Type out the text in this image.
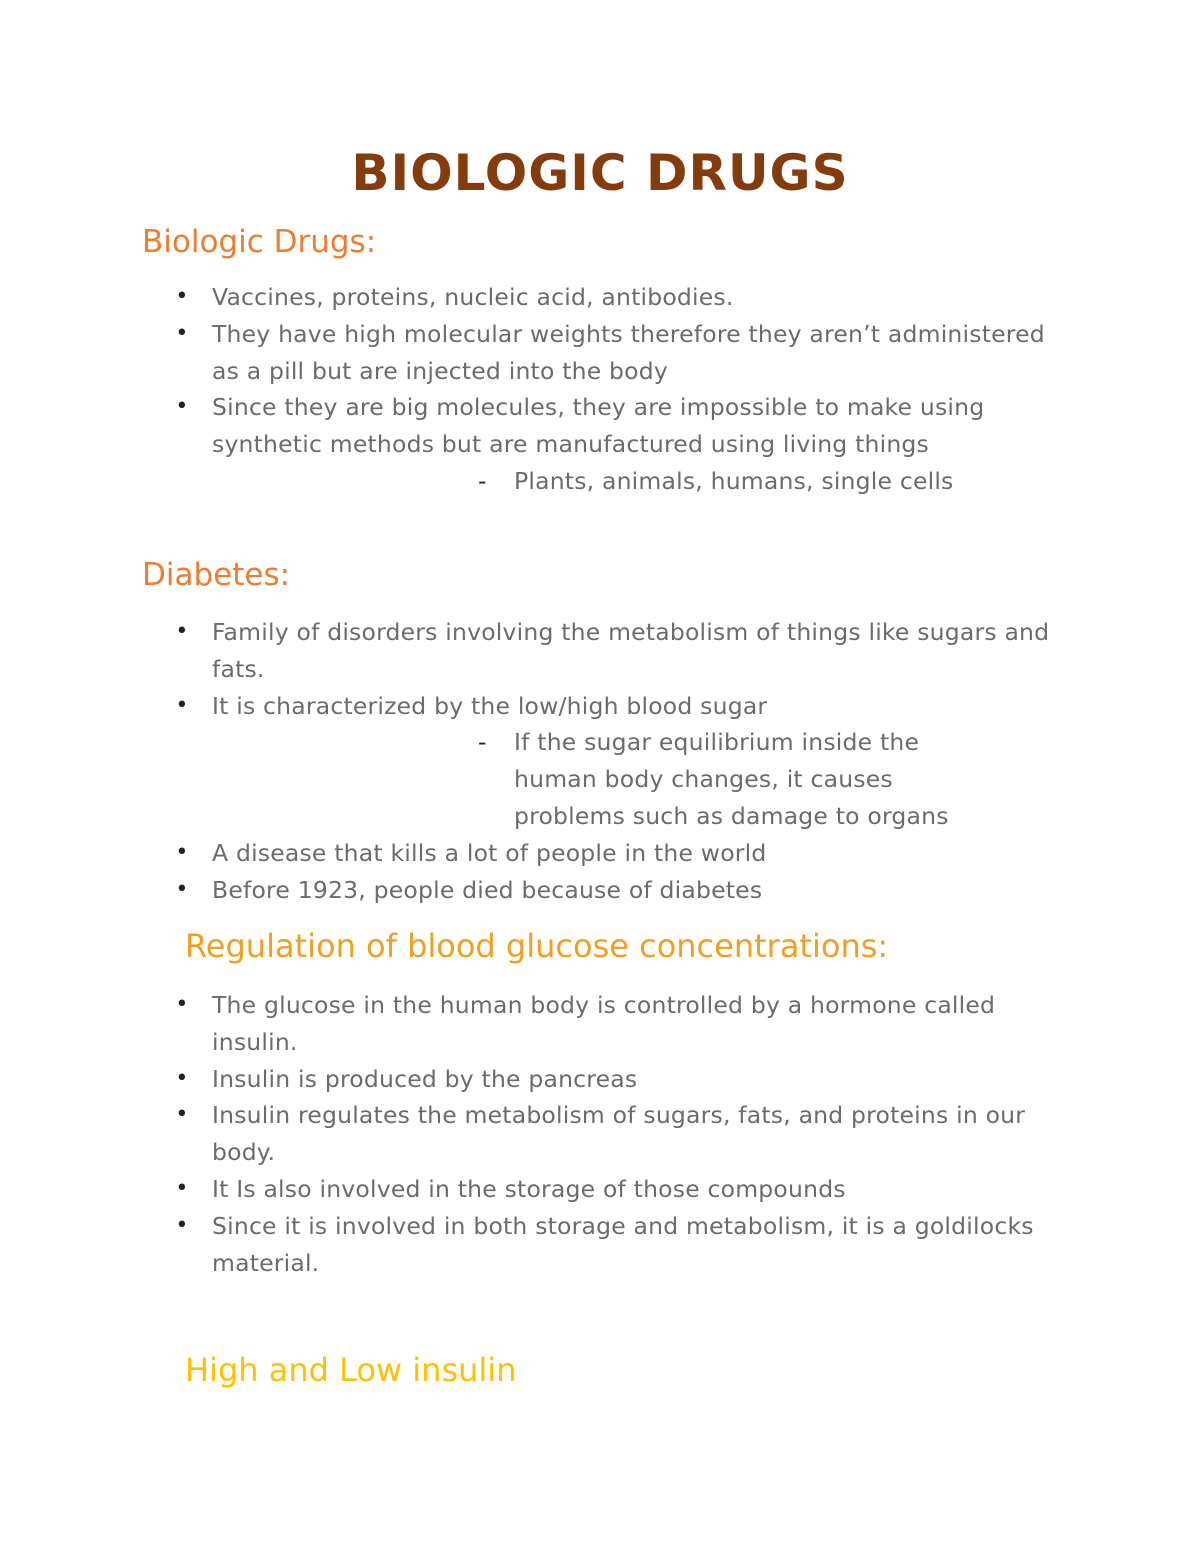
BIOLOGIC DRUGS
Biologic Drugs:
• Vaccines, proteins, nucleic acid, antibodies.
• They have high molecular weights therefore they aren’t administered as a pill but are injected into the body
• Since they are big molecules, they are impossible to make using synthetic methods but are manufactured using living things
- Plants, animals, humans, single cells
Diabetes:
• Family of disorders involving the metabolism of things like sugars and fats.
• It is characterized by the low/high blood sugar
- If the sugar equilibrium inside the human body changes, it causes problems such as damage to organs
• A disease that kills a lot of people in the world
• Before 1923, people died because of diabetes
Regulation of blood glucose concentrations:
• The glucose in the human body is controlled by a hormone called insulin.
• Insulin is produced by the pancreas
• Insulin regulates the metabolism of sugars, fats, and proteins in our body.
• It Is also involved in the storage of those compounds
• Since it is involved in both storage and metabolism, it is a goldilocks material.
High and Low insulin
